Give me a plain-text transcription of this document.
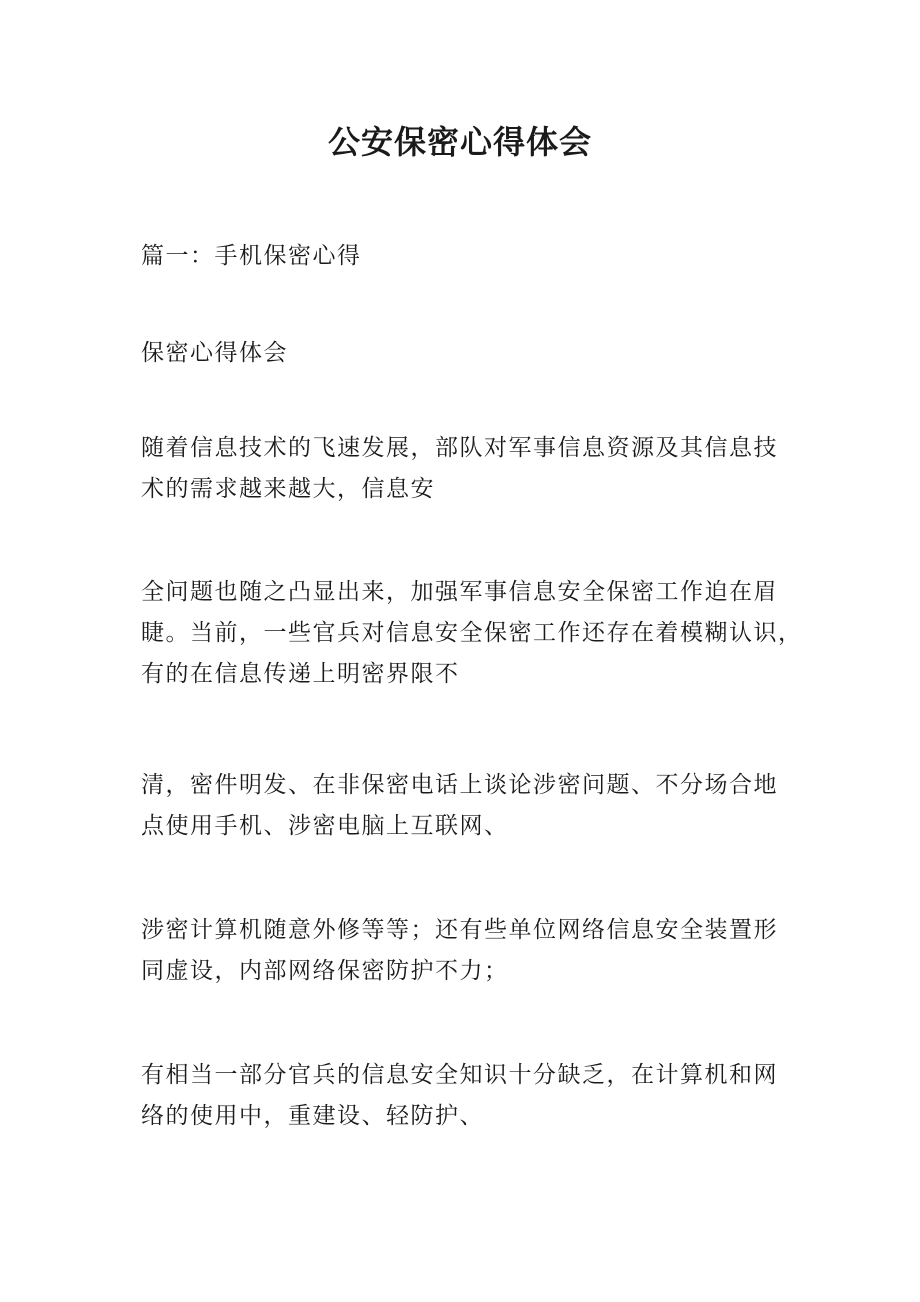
公安保密心得体会
篇一：手机保密心得
保密心得体会
随着信息技术的飞速发展，部队对军事信息资源及其信息技
术的需求越来越大，信息安
全问题也随之凸显出来，加强军事信息安全保密工作迫在眉
睫。当前，一些官兵对信息安全保密工作还存在着模糊认识，
有的在信息传递上明密界限不
清，密件明发、在非保密电话上谈论涉密问题、不分场合地
点使用手机、涉密电脑上互联网、
涉密计算机随意外修等等；还有些单位网络信息安全装置形
同虚设，内部网络保密防护不力；
有相当一部分官兵的信息安全知识十分缺乏，在计算机和网
络的使用中，重建设、轻防护、
